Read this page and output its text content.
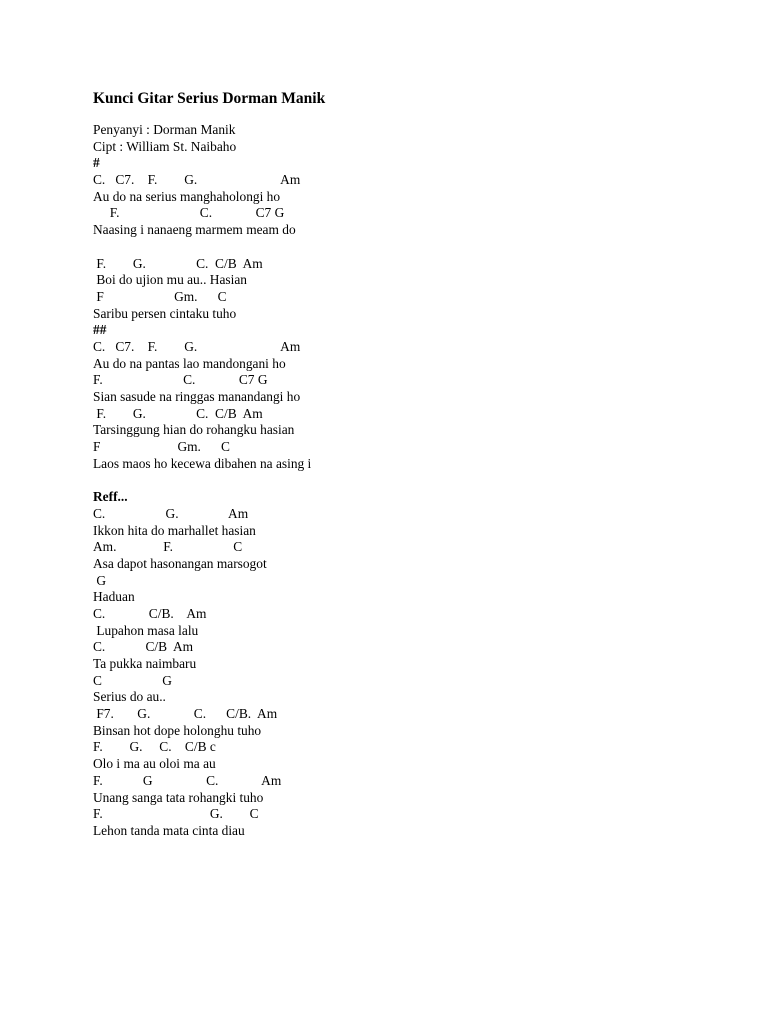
Kunci Gitar Serius Dorman Manik
Penyanyi : Dorman Manik
Cipt : William St. Naibaho
#
C.   C7.    F.        G.                         Am
Au do na serius manghaholongi ho
F.                        C.             C7 G
Naasing i nanaeng marmem meam do
F.        G.               C.  C/B  Am
Boi do ujion mu au.. Hasian
F                     Gm.      C
Saribu persen cintaku tuho
##
C.   C7.    F.        G.                         Am
Au do na pantas lao mandongani ho
F.                        C.             C7 G
Sian sasude na ringgas manandangi ho
F.        G.               C.  C/B  Am
Tarsinggung hian do rohangku hasian
F                       Gm.      C
Laos maos ho kecewa dibahen na asing i
Reff...
C.                  G.               Am
Ikkon hita do marhallet hasian
Am.              F.                  C
Asa dapot hasonangan marsogot
G
Haduan
C.             C/B.    Am
Lupahon masa lalu
C.            C/B  Am
Ta pukka naimbaru
C                  G
Serius do au..
F7.       G.             C.      C/B.  Am
Binsan hot dope holonghu tuho
F.        G.     C.    C/B c
Olo i ma au oloi ma au
F.            G                C.             Am
Unang sanga tata rohangki tuho
F.                                G.        C
Lehon tanda mata cinta diau
